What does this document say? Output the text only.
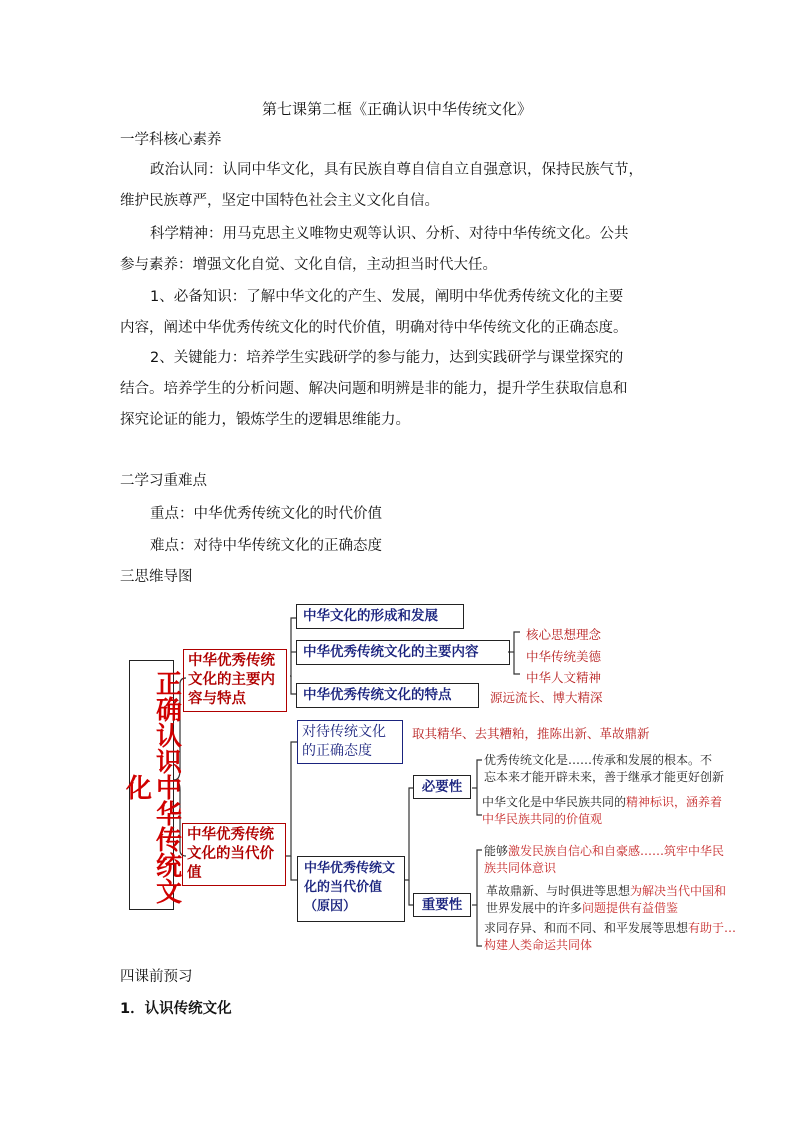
第七课第二框《正确认识中华传统文化》
一学科核心素养
政治认同：认同中华文化，具有民族自尊自信自立自强意识，保持民族气节，
维护民族尊严，坚定中国特色社会主义文化自信。
科学精神：用马克思主义唯物史观等认识、分析、对待中华传统文化。公共
参与素养：增强文化自觉、文化自信，主动担当时代大任。
1、必备知识：了解中华文化的产生、发展，阐明中华优秀传统文化的主要
内容，阐述中华优秀传统文化的时代价值，明确对待中华传统文化的正确态度。
2、关键能力：培养学生实践研学的参与能力，达到实践研学与课堂探究的
结合。培养学生的分析问题、解决问题和明辨是非的能力，提升学生获取信息和
探究论证的能力，锻炼学生的逻辑思维能力。
二学习重难点
重点：中华优秀传统文化的时代价值
难点：对待中华传统文化的正确态度
三思维导图
正确认识中华传统文化
中华优秀传统文化的主要内容与特点
中华文化的形成和发展
中华优秀传统文化的主要内容
中华优秀传统文化的特点
核心思想理念
中华传统美德
中华人文精神
源远流长、博大精深
中华优秀传统文化的当代价值
对待传统文化的正确态度
取其精华、去其糟粕，推陈出新、革故鼎新
中华优秀传统文化的当代价值（原因）
必要性
重要性
优秀传统文化是……传承和发展的根本。不
忘本来才能开辟未来，善于继承才能更好创新
中华文化是中华民族共同的精神标识，涵养着
中华民族共同的价值观
能够激发民族自信心和自豪感……筑牢中华民
族共同体意识
革故鼎新、与时俱进等思想为解决当代中国和
世界发展中的许多问题提供有益借鉴
求同存异、和而不同、和平发展等思想有助于…
构建人类命运共同体
四课前预习
1．认识传统文化
